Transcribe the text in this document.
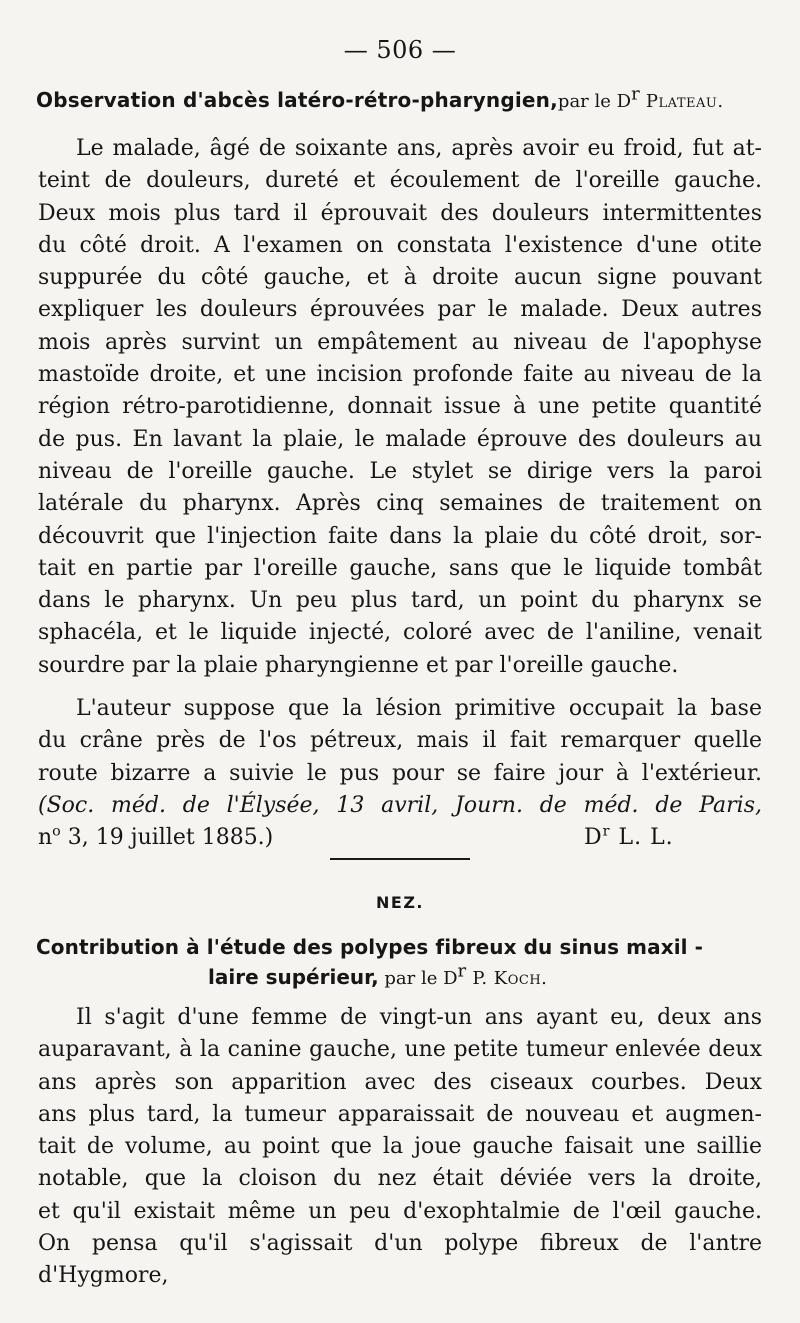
— 506 —
Observation d'abcès latéro-rétro-pharyngien,par le Dr Plateau.
Le malade, âgé de soixante ans, après avoir eu froid, fut at-
teint de douleurs, dureté et écoulement de l'oreille gauche.
Deux mois plus tard il éprouvait des douleurs intermittentes
du côté droit. A l'examen on constata l'existence d'une otite
suppurée du côté gauche, et à droite aucun signe pouvant
expliquer les douleurs éprouvées par le malade. Deux autres
mois après survint un empâtement au niveau de l'apophyse
mastoïde droite, et une incision profonde faite au niveau de la
région rétro-parotidienne, donnait issue à une petite quantité
de pus. En lavant la plaie, le malade éprouve des douleurs au
niveau de l'oreille gauche. Le stylet se dirige vers la paroi
latérale du pharynx. Après cinq semaines de traitement on
découvrit que l'injection faite dans la plaie du côté droit, sor-
tait en partie par l'oreille gauche, sans que le liquide tombât
dans le pharynx. Un peu plus tard, un point du pharynx se
sphacéla, et le liquide injecté, coloré avec de l'aniline, venait
sourdre par la plaie pharyngienne et par l'oreille gauche.
L'auteur suppose que la lésion primitive occupait la base
du crâne près de l'os pétreux, mais il fait remarquer quelle
route bizarre a suivie le pus pour se faire jour à l'extérieur.
(Soc. méd. de l'Élysée, 13 avril, Journ. de méd. de Paris,
$n^o$ 3, 19 juillet 1885.)	$D^r$ L. L.
NEZ.
Contribution à l'étude des polypes fibreux du sinus maxil -
laire supérieur, par le Dr P. Koch.
Il s'agit d'une femme de vingt-un ans ayant eu, deux ans
auparavant, à la canine gauche, une petite tumeur enlevée deux
ans après son apparition avec des ciseaux courbes. Deux
ans plus tard, la tumeur apparaissait de nouveau et augmen-
tait de volume, au point que la joue gauche faisait une saillie
notable, que la cloison du nez était déviée vers la droite,
et qu'il existait même un peu d'exophtalmie de l'œil gauche.
On pensa qu'il s'agissait d'un polype fibreux de l'antre
d'Hygmore,
